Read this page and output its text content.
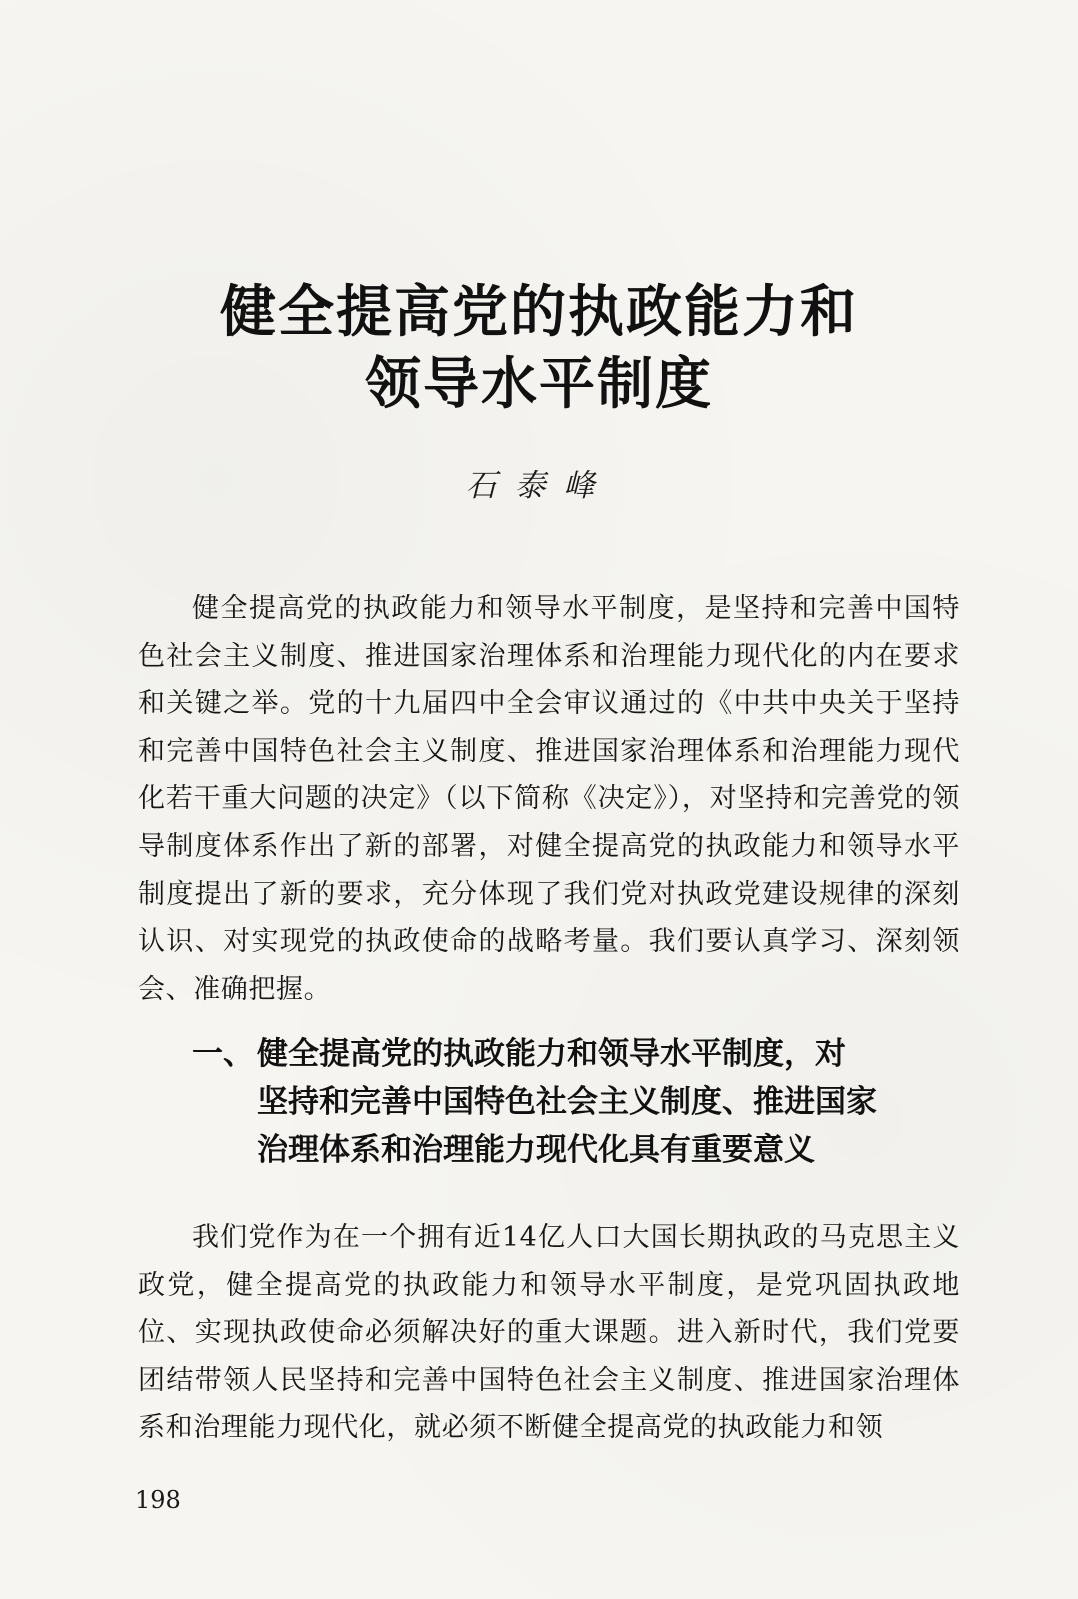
健全提高党的执政能力和
领导水平制度
石泰峰

健全提高党的执政能力和领导水平制度，是坚持和完善中国特色社会主义制度、推进国家治理体系和治理能力现代化的内在要求和关键之举。党的十九届四中全会审议通过的《中共中央关于坚持和完善中国特色社会主义制度、推进国家治理体系和治理能力现代化若干重大问题的决定》（以下简称《决定》），对坚持和完善党的领导制度体系作出了新的部署，对健全提高党的执政能力和领导水平制度提出了新的要求，充分体现了我们党对执政党建设规律的深刻认识、对实现党的执政使命的战略考量。我们要认真学习、深刻领会、准确把握。

一、 健全提高党的执政能力和领导水平制度，对
坚持和完善中国特色社会主义制度、推进国家
治理体系和治理能力现代化具有重要意义

我们党作为在一个拥有近14亿人口大国长期执政的马克思主义政党，健全提高党的执政能力和领导水平制度，是党巩固执政地位、实现执政使命必须解决好的重大课题。进入新时代，我们党要团结带领人民坚持和完善中国特色社会主义制度、推进国家治理体系和治理能力现代化，就必须不断健全提高党的执政能力和领

198
